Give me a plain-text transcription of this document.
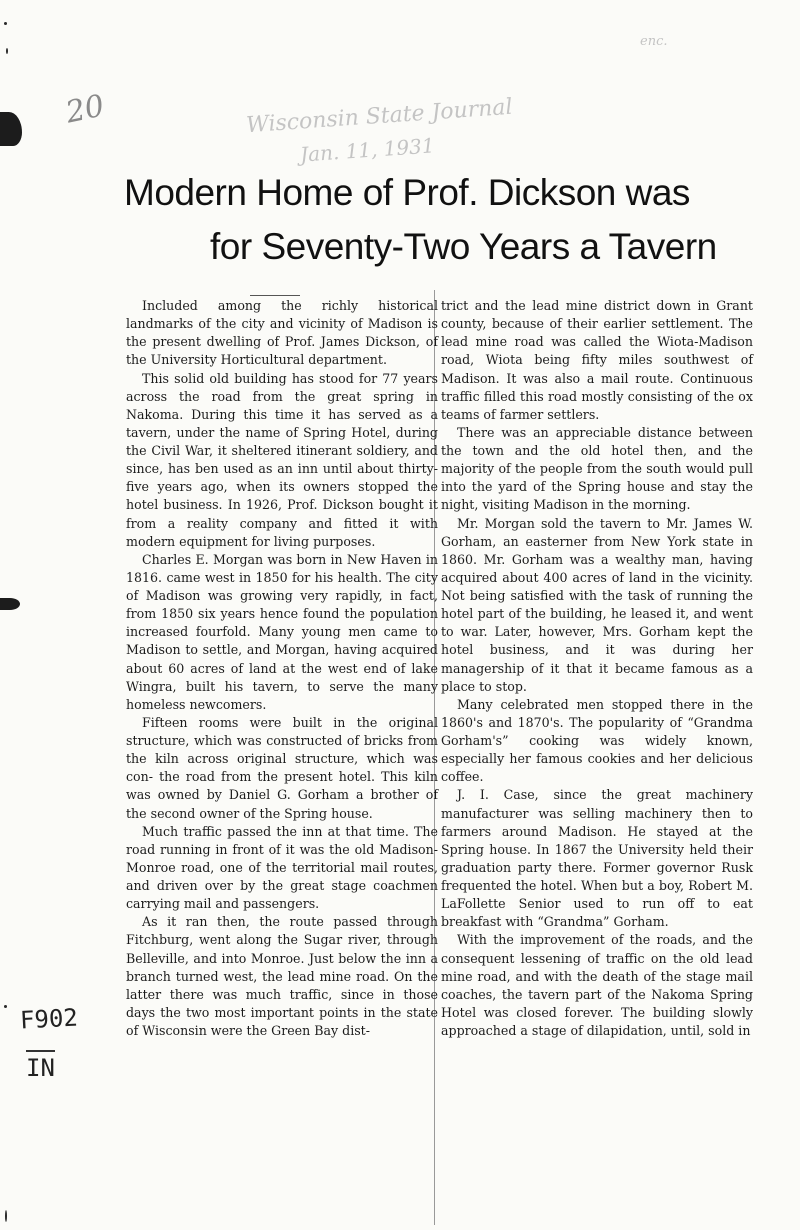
20	Wisconsin State Journal
Jan. 11, 1931
enc.
F902
IN
Modern Home of Prof. Dickson was
for Seventy-Two Years a Tavern

Included among the richly historical landmarks of the city and vicinity of Madison is the present dwelling of Prof. James Dickson, of the University Horticultural department.

This solid old building has stood for 77 years across the road from the great spring in Nakoma. During this time it has served as a tavern, under the name of Spring Hotel, during the Civil War, it sheltered itinerant soldiery, and since, has ben used as an inn until about thirty-five years ago, when its owners stopped the hotel business. In 1926, Prof. Dickson bought it from a reality company and fitted it with modern equipment for living purposes.

Charles E. Morgan was born in New Haven in 1816. came west in 1850 for his health. The city of Madison was growing very rapidly, in fact, from 1850 six years hence found the population increased fourfold. Many young men came to Madison to settle, and Morgan, having acquired about 60 acres of land at the west end of lake Wingra, built his tavern, to serve the many homeless newcomers.

Fifteen rooms were built in the original structure, which was constructed of bricks from the kiln across original structure, which was con- the road from the present hotel. This kiln was owned by Daniel G. Gorham a brother of the second owner of the Spring house.

Much traffic passed the inn at that time. The road running in front of it was the old Madison-Monroe road, one of the territorial mail routes, and driven over by the great stage coachmen carrying mail and passengers.

As it ran then, the route passed through Fitchburg, went along the Sugar river, through Belleville, and into Monroe. Just below the inn a branch turned west, the lead mine road. On the latter there was much traffic, since in those days the two most important points in the state of Wisconsin were the Green Bay dist-

trict and the lead mine district down in Grant county, because of their earlier settlement. The lead mine road was called the Wiota-Madison road, Wiota being fifty miles southwest of Madison. It was also a mail route. Continuous traffic filled this road mostly consisting of the ox teams of farmer settlers.

There was an appreciable distance between the town and the old hotel then, and the majority of the people from the south would pull into the yard of the Spring house and stay the night, visiting Madison in the morning.

Mr. Morgan sold the tavern to Mr. James W. Gorham, an easterner from New York state in 1860. Mr. Gorham was a wealthy man, having acquired about 400 acres of land in the vicinity. Not being satisfied with the task of running the hotel part of the building, he leased it, and went to war. Later, however, Mrs. Gorham kept the hotel business, and it was during her managership of it that it became famous as a place to stop.

Many celebrated men stopped there in the 1860's and 1870's. The popularity of “Grandma Gorham's” cooking was widely known, especially her famous cookies and her delicious coffee.

J. I. Case, since the great machinery manufacturer was selling machinery then to farmers around Madison. He stayed at the Spring house. In 1867 the University held their graduation party there. Former governor Rusk frequented the hotel. When but a boy, Robert M. LaFollette Senior used to run off to eat breakfast with “Grandma” Gorham.

With the improvement of the roads, and the consequent lessening of traffic on the old lead mine road, and with the death of the stage mail coaches, the tavern part of the Nakoma Spring Hotel was closed forever. The building slowly approached a stage of dilapidation, until, sold in
